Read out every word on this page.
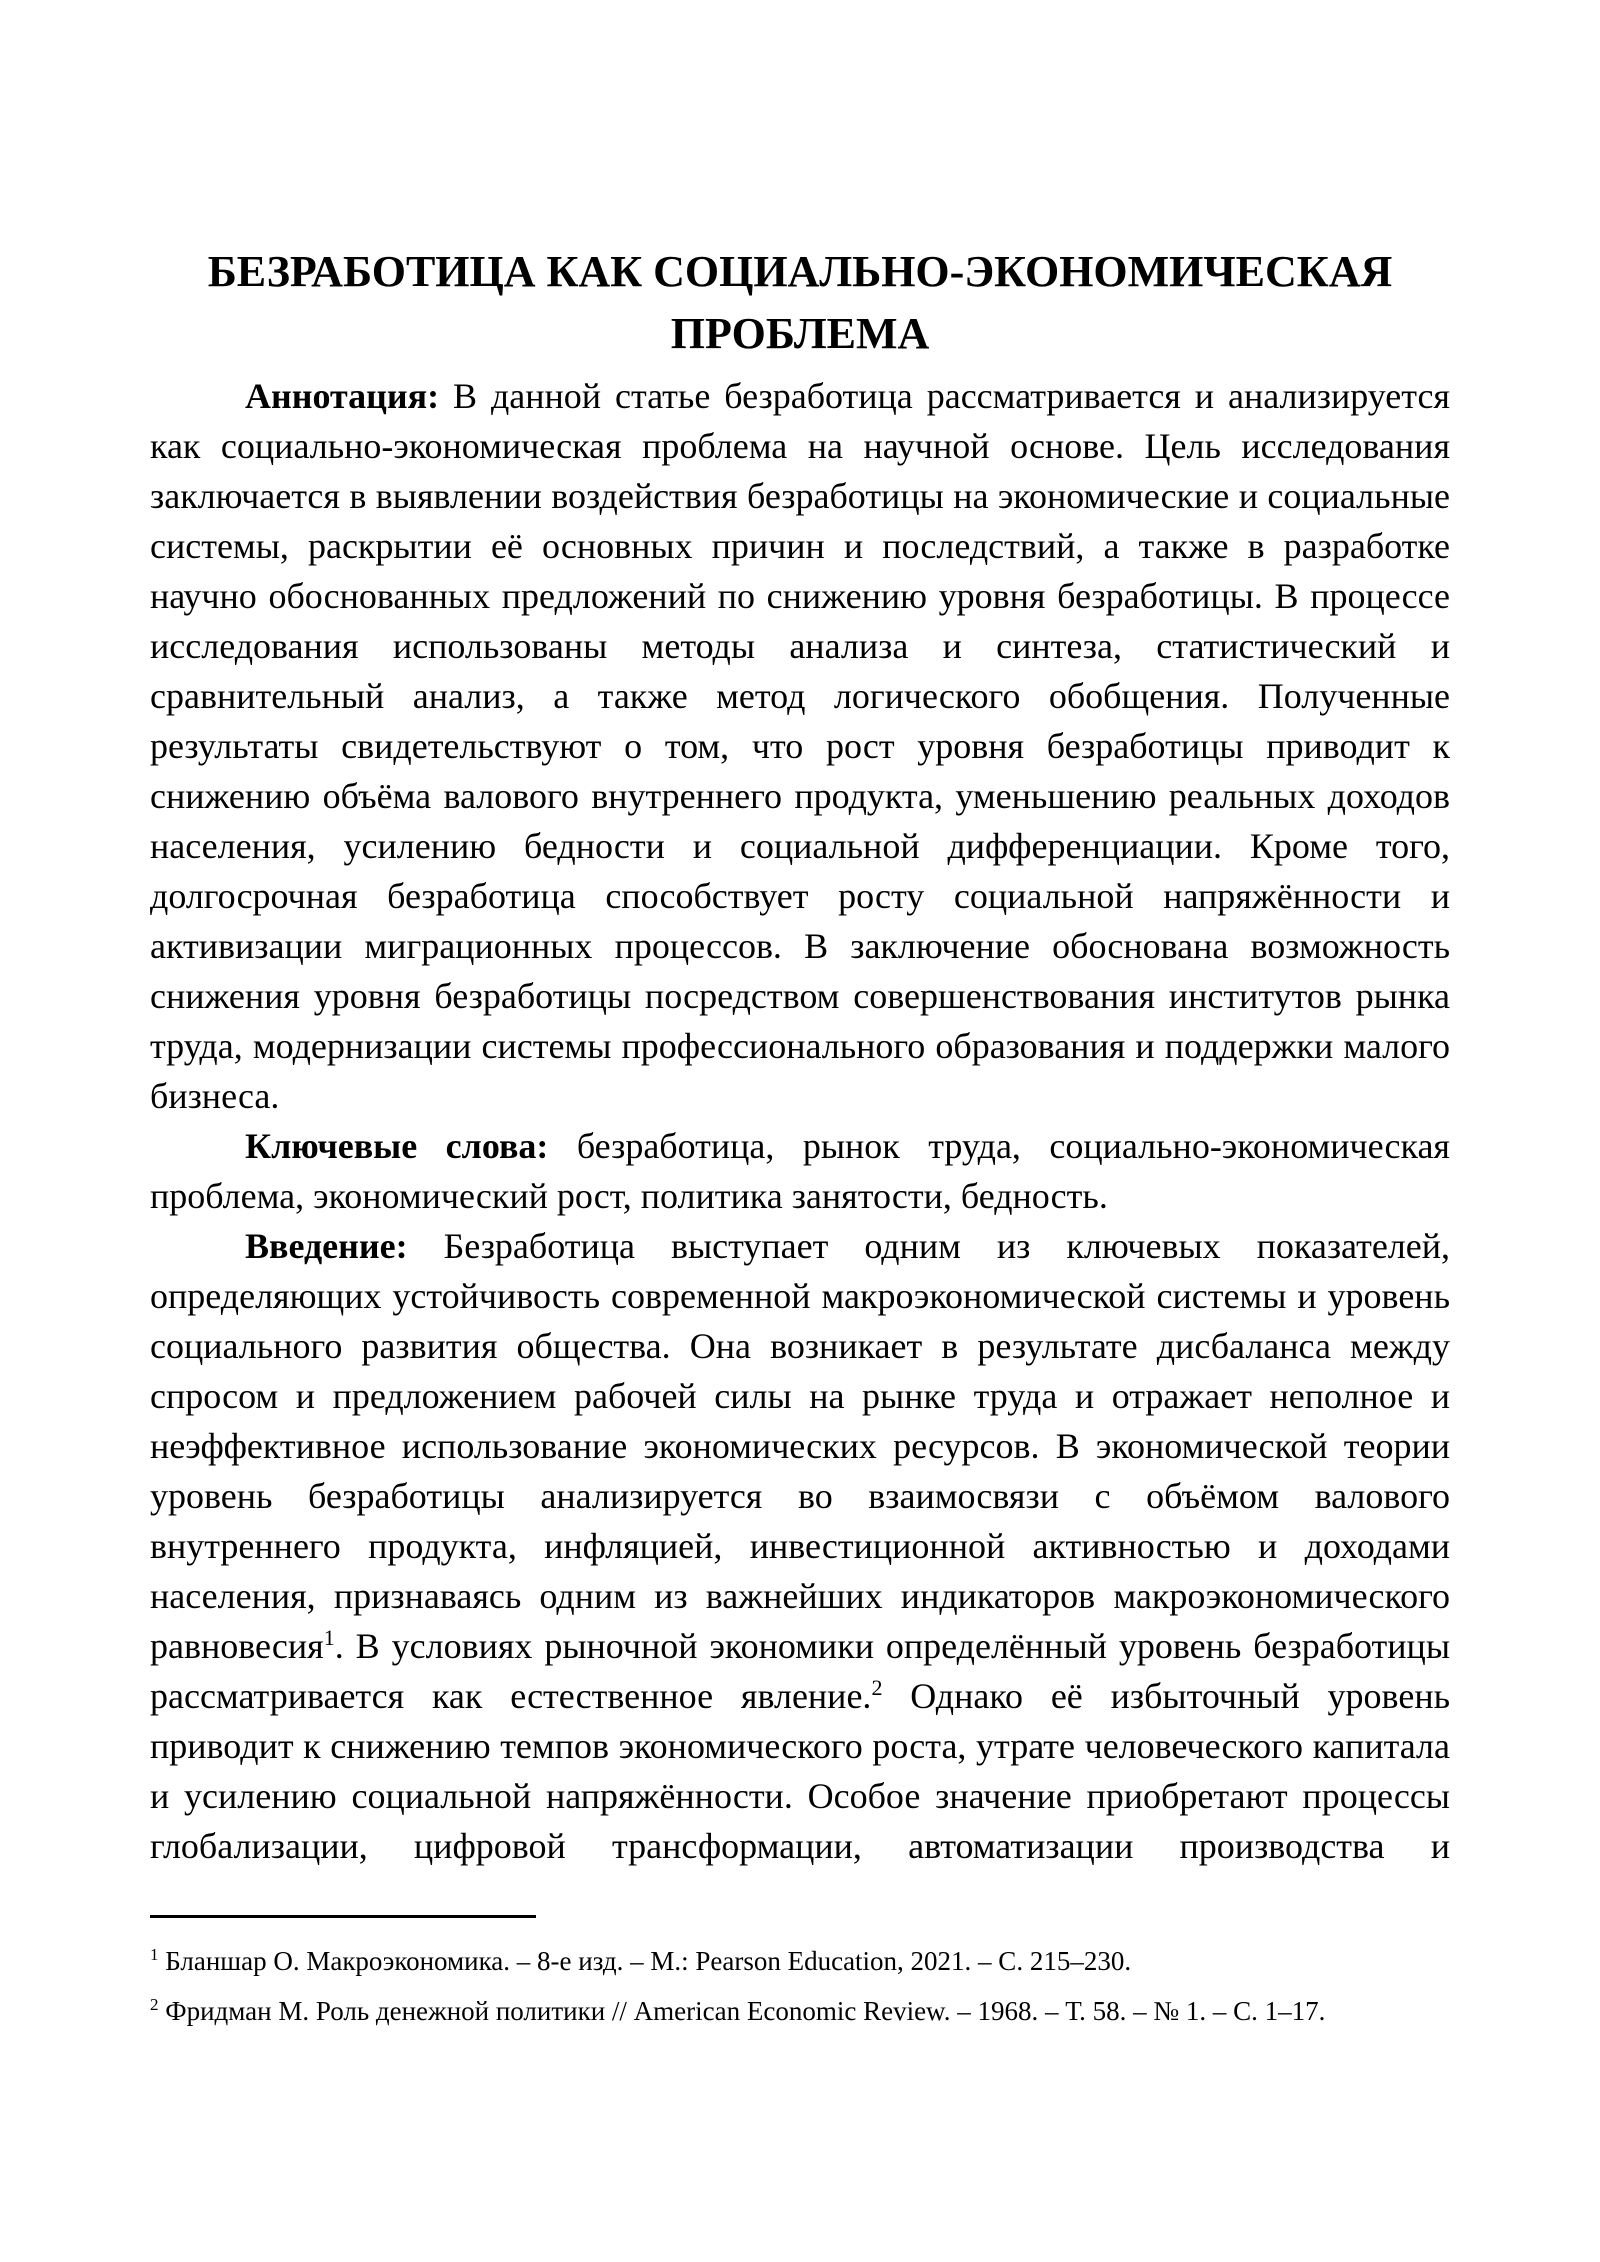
БЕЗРАБОТИЦА КАК СОЦИАЛЬНО-ЭКОНОМИЧЕСКАЯ
ПРОБЛЕМА

Аннотация: В данной статье безработица рассматривается и анализируется как социально-экономическая проблема на научной основе. Цель исследования заключается в выявлении воздействия безработицы на экономические и социальные системы, раскрытии её основных причин и последствий, а также в разработке научно обоснованных предложений по снижению уровня безработицы. В процессе исследования использованы методы анализа и синтеза, статистический и сравнительный анализ, а также метод логического обобщения. Полученные результаты свидетельствуют о том, что рост уровня безработицы приводит к снижению объёма валового внутреннего продукта, уменьшению реальных доходов населения, усилению бедности и социальной дифференциации. Кроме того, долгосрочная безработица способствует росту социальной напряжённости и активизации миграционных процессов. В заключение обоснована возможность снижения уровня безработицы посредством совершенствования институтов рынка труда, модернизации системы профессионального образования и поддержки малого бизнеса.

Ключевые слова: безработица, рынок труда, социально-экономическая проблема, экономический рост, политика занятости, бедность.

Введение: Безработица выступает одним из ключевых показателей, определяющих устойчивость современной макроэкономической системы и уровень социального развития общества. Она возникает в результате дисбаланса между спросом и предложением рабочей силы на рынке труда и отражает неполное и неэффективное использование экономических ресурсов. В экономической теории уровень безработицы анализируется во взаимосвязи с объёмом валового внутреннего продукта, инфляцией, инвестиционной активностью и доходами населения, признаваясь одним из важнейших индикаторов макроэкономического равновесия$^1$. В условиях рыночной экономики определённый уровень безработицы рассматривается как естественное явление.$^2$ Однако её избыточный уровень приводит к снижению темпов экономического роста, утрате человеческого капитала и усилению социальной напряжённости. Особое значение приобретают процессы глобализации, цифровой трансформации, автоматизации производства и

$^1$ Бланшар О. Макроэкономика. – 8-е изд. – М.: Pearson Education, 2021. – С. 215–230.

$^2$ Фридман М. Роль денежной политики // American Economic Review. – 1968. – Т. 58. – № 1. – С. 1–17.
